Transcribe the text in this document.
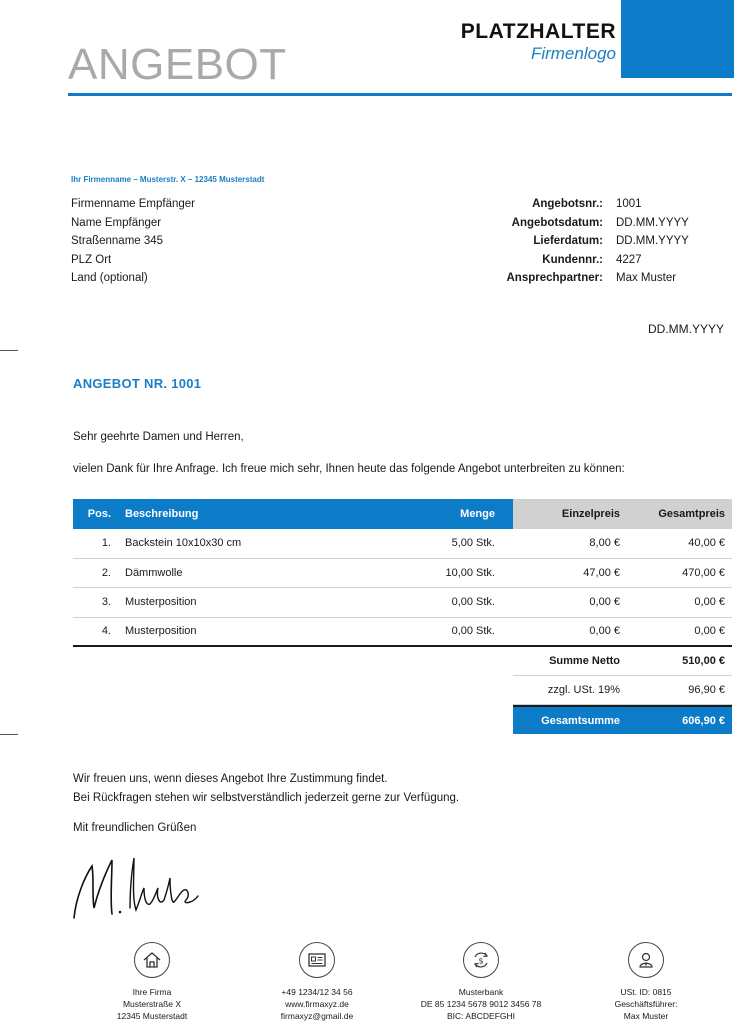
ANGEBOT
PLATZHALTER
Firmenlogo
Ihr Firmenname – Musterstr. X – 12345 Musterstadt
Firmenname Empfänger
Name Empfänger
Straßenname 345
PLZ Ort
Land (optional)
Angebotsnr.:	1001
Angebotsdatum:	DD.MM.YYYY
Lieferdatum:	DD.MM.YYYY
Kundennr.:	4227
Ansprechpartner:	Max Muster
DD.MM.YYYY
ANGEBOT NR. 1001
Sehr geehrte Damen und Herren,
vielen Dank für Ihre Anfrage. Ich freue mich sehr, Ihnen heute das folgende Angebot unterbreiten zu können:
Pos.	Beschreibung	Menge	Einzelpreis	Gesamtpreis
1.	Backstein 10x10x30 cm	5,00 Stk.	8,00 €	40,00 €
2.	Dämmwolle	10,00 Stk.	47,00 €	470,00 €
3.	Musterposition	0,00 Stk.	0,00 €	0,00 €
4.	Musterposition	0,00 Stk.	0,00 €	0,00 €
Summe Netto	510,00 €
zzgl. USt. 19%	96,90 €
Gesamtsumme	606,90 €
Wir freuen uns, wenn dieses Angebot Ihre Zustimmung findet.
Bei Rückfragen stehen wir selbstverständlich jederzeit gerne zur Verfügung.
Mit freundlichen Grüßen
Ihre Firma
Musterstraße X
12345 Musterstadt
+49 1234/12 34 56
www.firmaxyz.de
firmaxyz@gmail.de
$
Musterbank
DE 85 1234 5678 9012 3456 78
BIC: ABCDEFGHI
USt. ID: 0815
Geschäftsführer:
Max Muster
